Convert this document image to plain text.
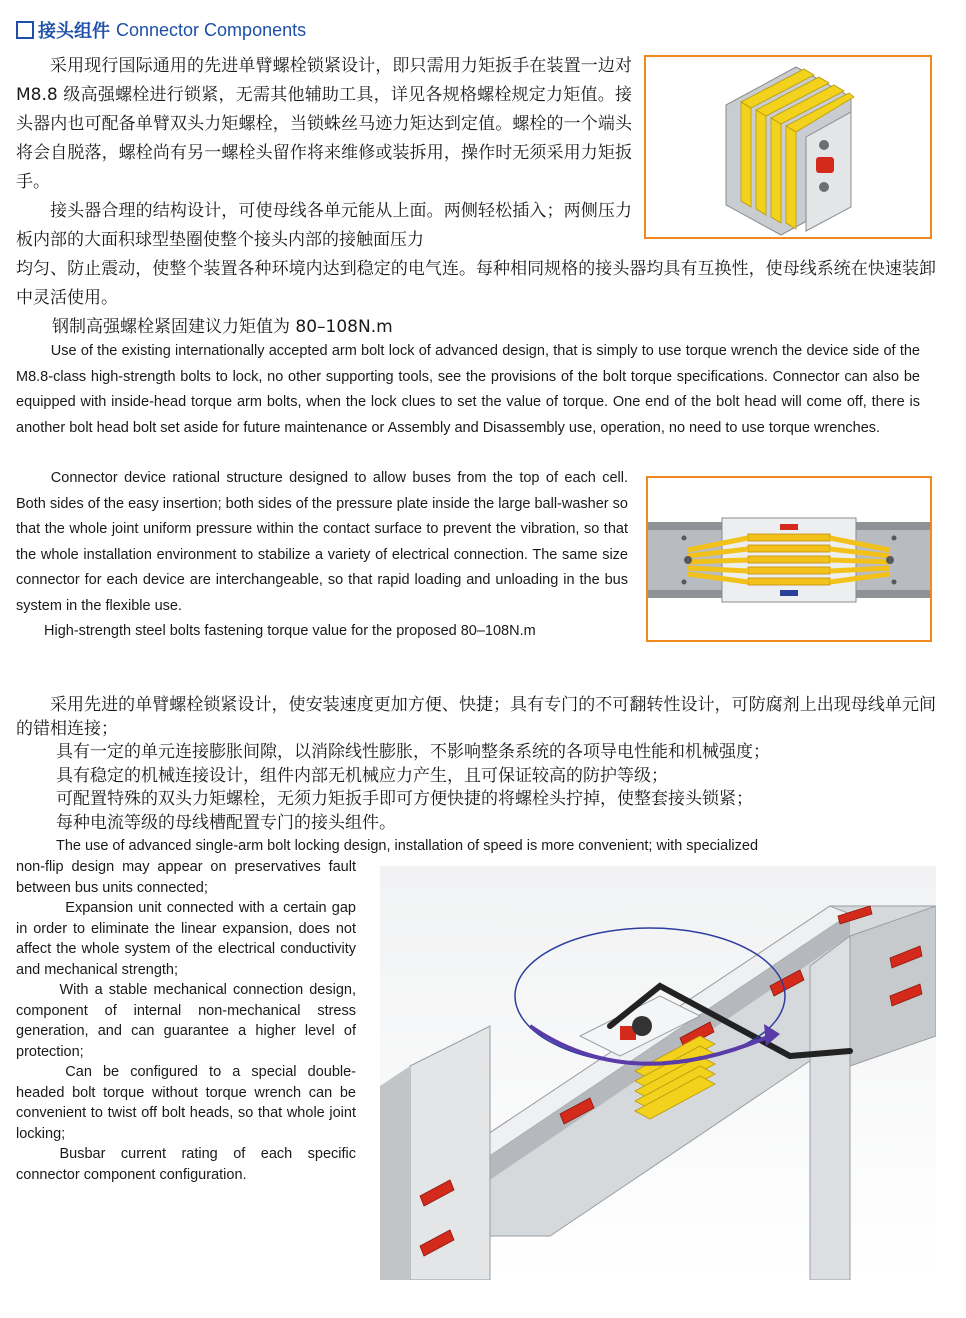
接头组件 Connector Components

采用现行国际通用的先进单臂螺栓锁紧设计，即只需用力矩扳手在装置一边对 M8.8 级高强螺栓进行锁紧，无需其他辅助工具，详见各规格螺栓规定力矩值。接头器内也可配备单臂双头力矩螺栓，当锁蛛丝马迹力矩达到定值。螺栓的一个端头将会自脱落，螺栓尚有另一螺栓头留作将来维修或装拆用，操作时无须采用力矩扳手。

接头器合理的结构设计，可使母线各单元能从上面。两侧轻松插入；两侧压力板内部的大面积球型垫圈使整个接头内部的接触面压力

均匀、防止震动，使整个装置各种环境内达到稳定的电气连。每种相同规格的接头器均具有互换性，使母线系统在快速装卸中灵活使用。

钢制高强螺栓紧固建议力矩值为 80–108N.m

Use of the existing internationally accepted arm bolt lock of advanced design, that is simply to use torque wrench the device side of the M8.8-class high-strength bolts to lock, no other supporting tools, see the provisions of the bolt torque specifications. Connector can also be equipped with inside-head torque arm bolts, when the lock clues to set the value of torque. One end of the bolt head will come off, there is another bolt head bolt set aside for future maintenance or Assembly and Disassembly use, operation, no need to use torque wrenches.

Connector device rational structure designed to allow buses from the top of each cell. Both sides of the easy insertion; both sides of the pressure plate inside the large ball-washer so that the whole joint uniform pressure within the contact surface to prevent the vibration, so that the whole installation environment to stabilize a variety of electrical connection. The same size connector for each device are interchangeable, so that rapid loading and unloading in the bus system in the flexible use.

High-strength steel bolts fastening torque value for the proposed 80–108N.m

采用先进的单臂螺栓锁紧设计，使安装速度更加方便、快捷；具有专门的不可翻转性设计，可防腐剂上出现母线单元间的错相连接；

具有一定的单元连接膨胀间隙，以消除线性膨胀，不影响整条系统的各项导电性能和机械强度；

具有稳定的机械连接设计，组件内部无机械应力产生，且可保证较高的防护等级；

可配置特殊的双头力矩螺栓，无须力矩扳手即可方便快捷的将螺栓头拧掉，使整套接头锁紧；

每种电流等级的母线槽配置专门的接头组件。

The use of advanced single-arm bolt locking design, installation of speed is more convenient; with specialized

non-flip design may appear on preservatives fault between bus units connected;

Expansion unit connected with a certain gap in order to eliminate the linear expansion, does not affect the whole system of the electrical conductivity and mechanical strength;

With a stable mechanical connection design, component of internal non-mechanical stress generation, and can guarantee a higher level of protection;

Can be configured to a special double-headed bolt torque without torque wrench can be convenient to twist off bolt heads, so that whole joint locking;

Busbar current rating of each specific connector component configuration.
